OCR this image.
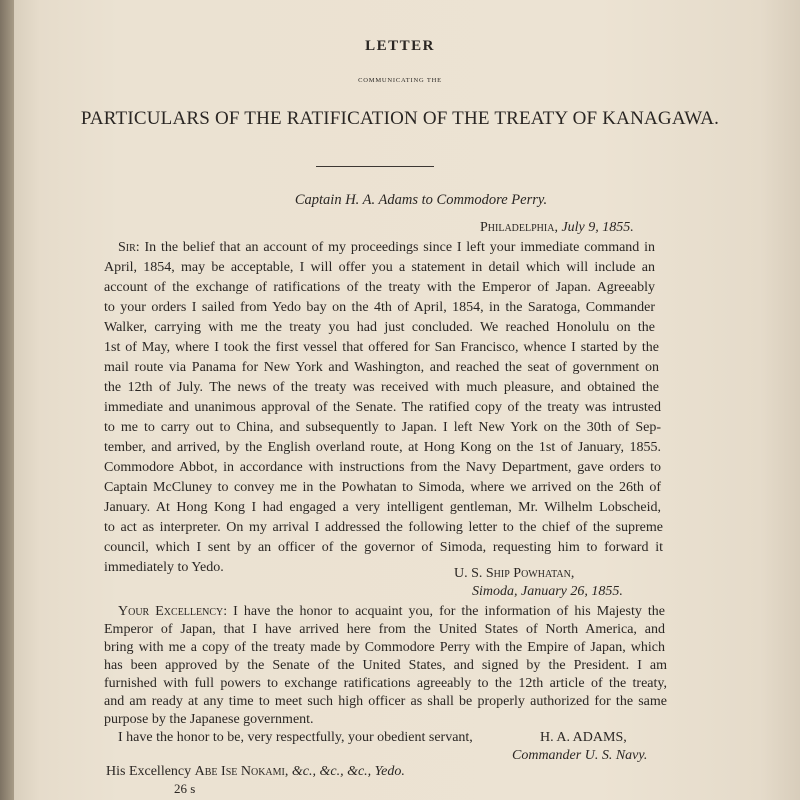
LETTER
COMMUNICATING THE
PARTICULARS OF THE RATIFICATION OF THE TREATY OF KANAGAWA.
Captain H. A. Adams to Commodore Perry.
Philadelphia, July 9, 1855.
Sir: In the belief that an account of my proceedings since I left your immediate command in
April, 1854, may be acceptable, I will offer you a statement in detail which will include an
account of the exchange of ratifications of the treaty with the Emperor of Japan. Agreeably
to your orders I sailed from Yedo bay on the 4th of April, 1854, in the Saratoga, Commander
Walker, carrying with me the treaty you had just concluded. We reached Honolulu on the
1st of May, where I took the first vessel that offered for San Francisco, whence I started by the
mail route via Panama for New York and Washington, and reached the seat of government on
the 12th of July. The news of the treaty was received with much pleasure, and obtained the
immediate and unanimous approval of the Senate. The ratified copy of the treaty was intrusted
to me to carry out to China, and subsequently to Japan. I left New York on the 30th of Sep-
tember, and arrived, by the English overland route, at Hong Kong on the 1st of January, 1855.
Commodore Abbot, in accordance with instructions from the Navy Department, gave orders to
Captain McCluney to convey me in the Powhatan to Simoda, where we arrived on the 26th of
January. At Hong Kong I had engaged a very intelligent gentleman, Mr. Wilhelm Lobscheid,
to act as interpreter. On my arrival I addressed the following letter to the chief of the supreme
council, which I sent by an officer of the governor of Simoda, requesting him to forward it
immediately to Yedo.	U. S. Ship Powhatan,
Simoda, January 26, 1855.
Your Excellency: I have the honor to acquaint you, for the information of his Majesty the
Emperor of Japan, that I have arrived here from the United States of North America, and
bring with me a copy of the treaty made by Commodore Perry with the Empire of Japan, which
has been approved by the Senate of the United States, and signed by the President. I am
furnished with full powers to exchange ratifications agreeably to the 12th article of the treaty,
and am ready at any time to meet such high officer as shall be properly authorized for the same
purpose by the Japanese government.
I have the honor to be, very respectfully, your obedient servant,	H. A. ADAMS,
Commander U. S. Navy.
His Excellency Abe Ise Nokami, &c., &c., &c., Yedo.
26 s
